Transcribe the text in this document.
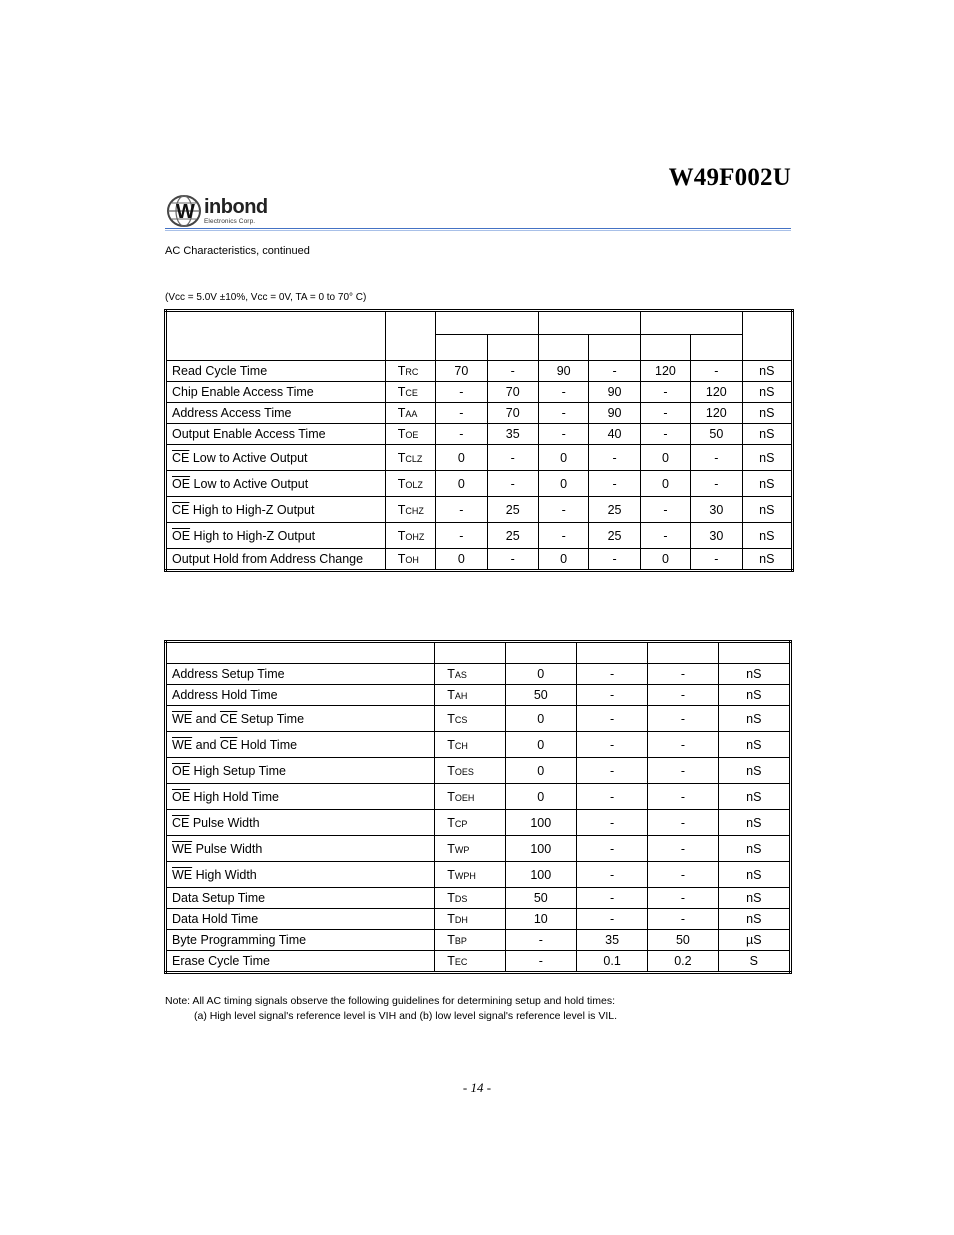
W49F002U
W inbond
Electronics Corp.
AC Characteristics, continued
(Vcc = 5.0V ±10%, Vcc = 0V, TA = 0 to 70° C)

Read Cycle Time	TRC	70	-	90	-	120	-	nS
Chip Enable Access Time	TCE	-	70	-	90	-	120	nS
Address Access Time	TAA	-	70	-	90	-	120	nS
Output Enable Access Time	TOE	-	35	-	40	-	50	nS
$\overline{CE}$ Low to Active Output	TCLZ	0	-	0	-	0	-	nS
$\overline{OE}$ Low to Active Output	TOLZ	0	-	0	-	0	-	nS
$\overline{CE}$ High to High-Z Output	TCHZ	-	25	-	25	-	30	nS
$\overline{OE}$ High to High-Z Output	TOHZ	-	25	-	25	-	30	nS
Output Hold from Address Change	TOH	0	-	0	-	0	-	nS

Address Setup Time	TAS	0	-	-	nS
Address Hold Time	TAH	50	-	-	nS
$\overline{WE}$ and $\overline{CE}$ Setup Time	TCS	0	-	-	nS
$\overline{WE}$ and $\overline{CE}$ Hold Time	TCH	0	-	-	nS
$\overline{OE}$ High Setup Time	TOES	0	-	-	nS
$\overline{OE}$ High Hold Time	TOEH	0	-	-	nS
$\overline{CE}$ Pulse Width	TCP	100	-	-	nS
$\overline{WE}$ Pulse Width	TWP	100	-	-	nS
$\overline{WE}$ High Width	TWPH	100	-	-	nS
Data Setup Time	TDS	50	-	-	nS
Data Hold Time	TDH	10	-	-	nS
Byte Programming Time	TBP	-	35	50	µS
Erase Cycle Time	TEC	-	0.1	0.2	S
Note: All AC timing signals observe the following guidelines for determining setup and hold times:
(a) High level signal's reference level is VIH and (b) low level signal's reference level is VIL.
- 14 -
